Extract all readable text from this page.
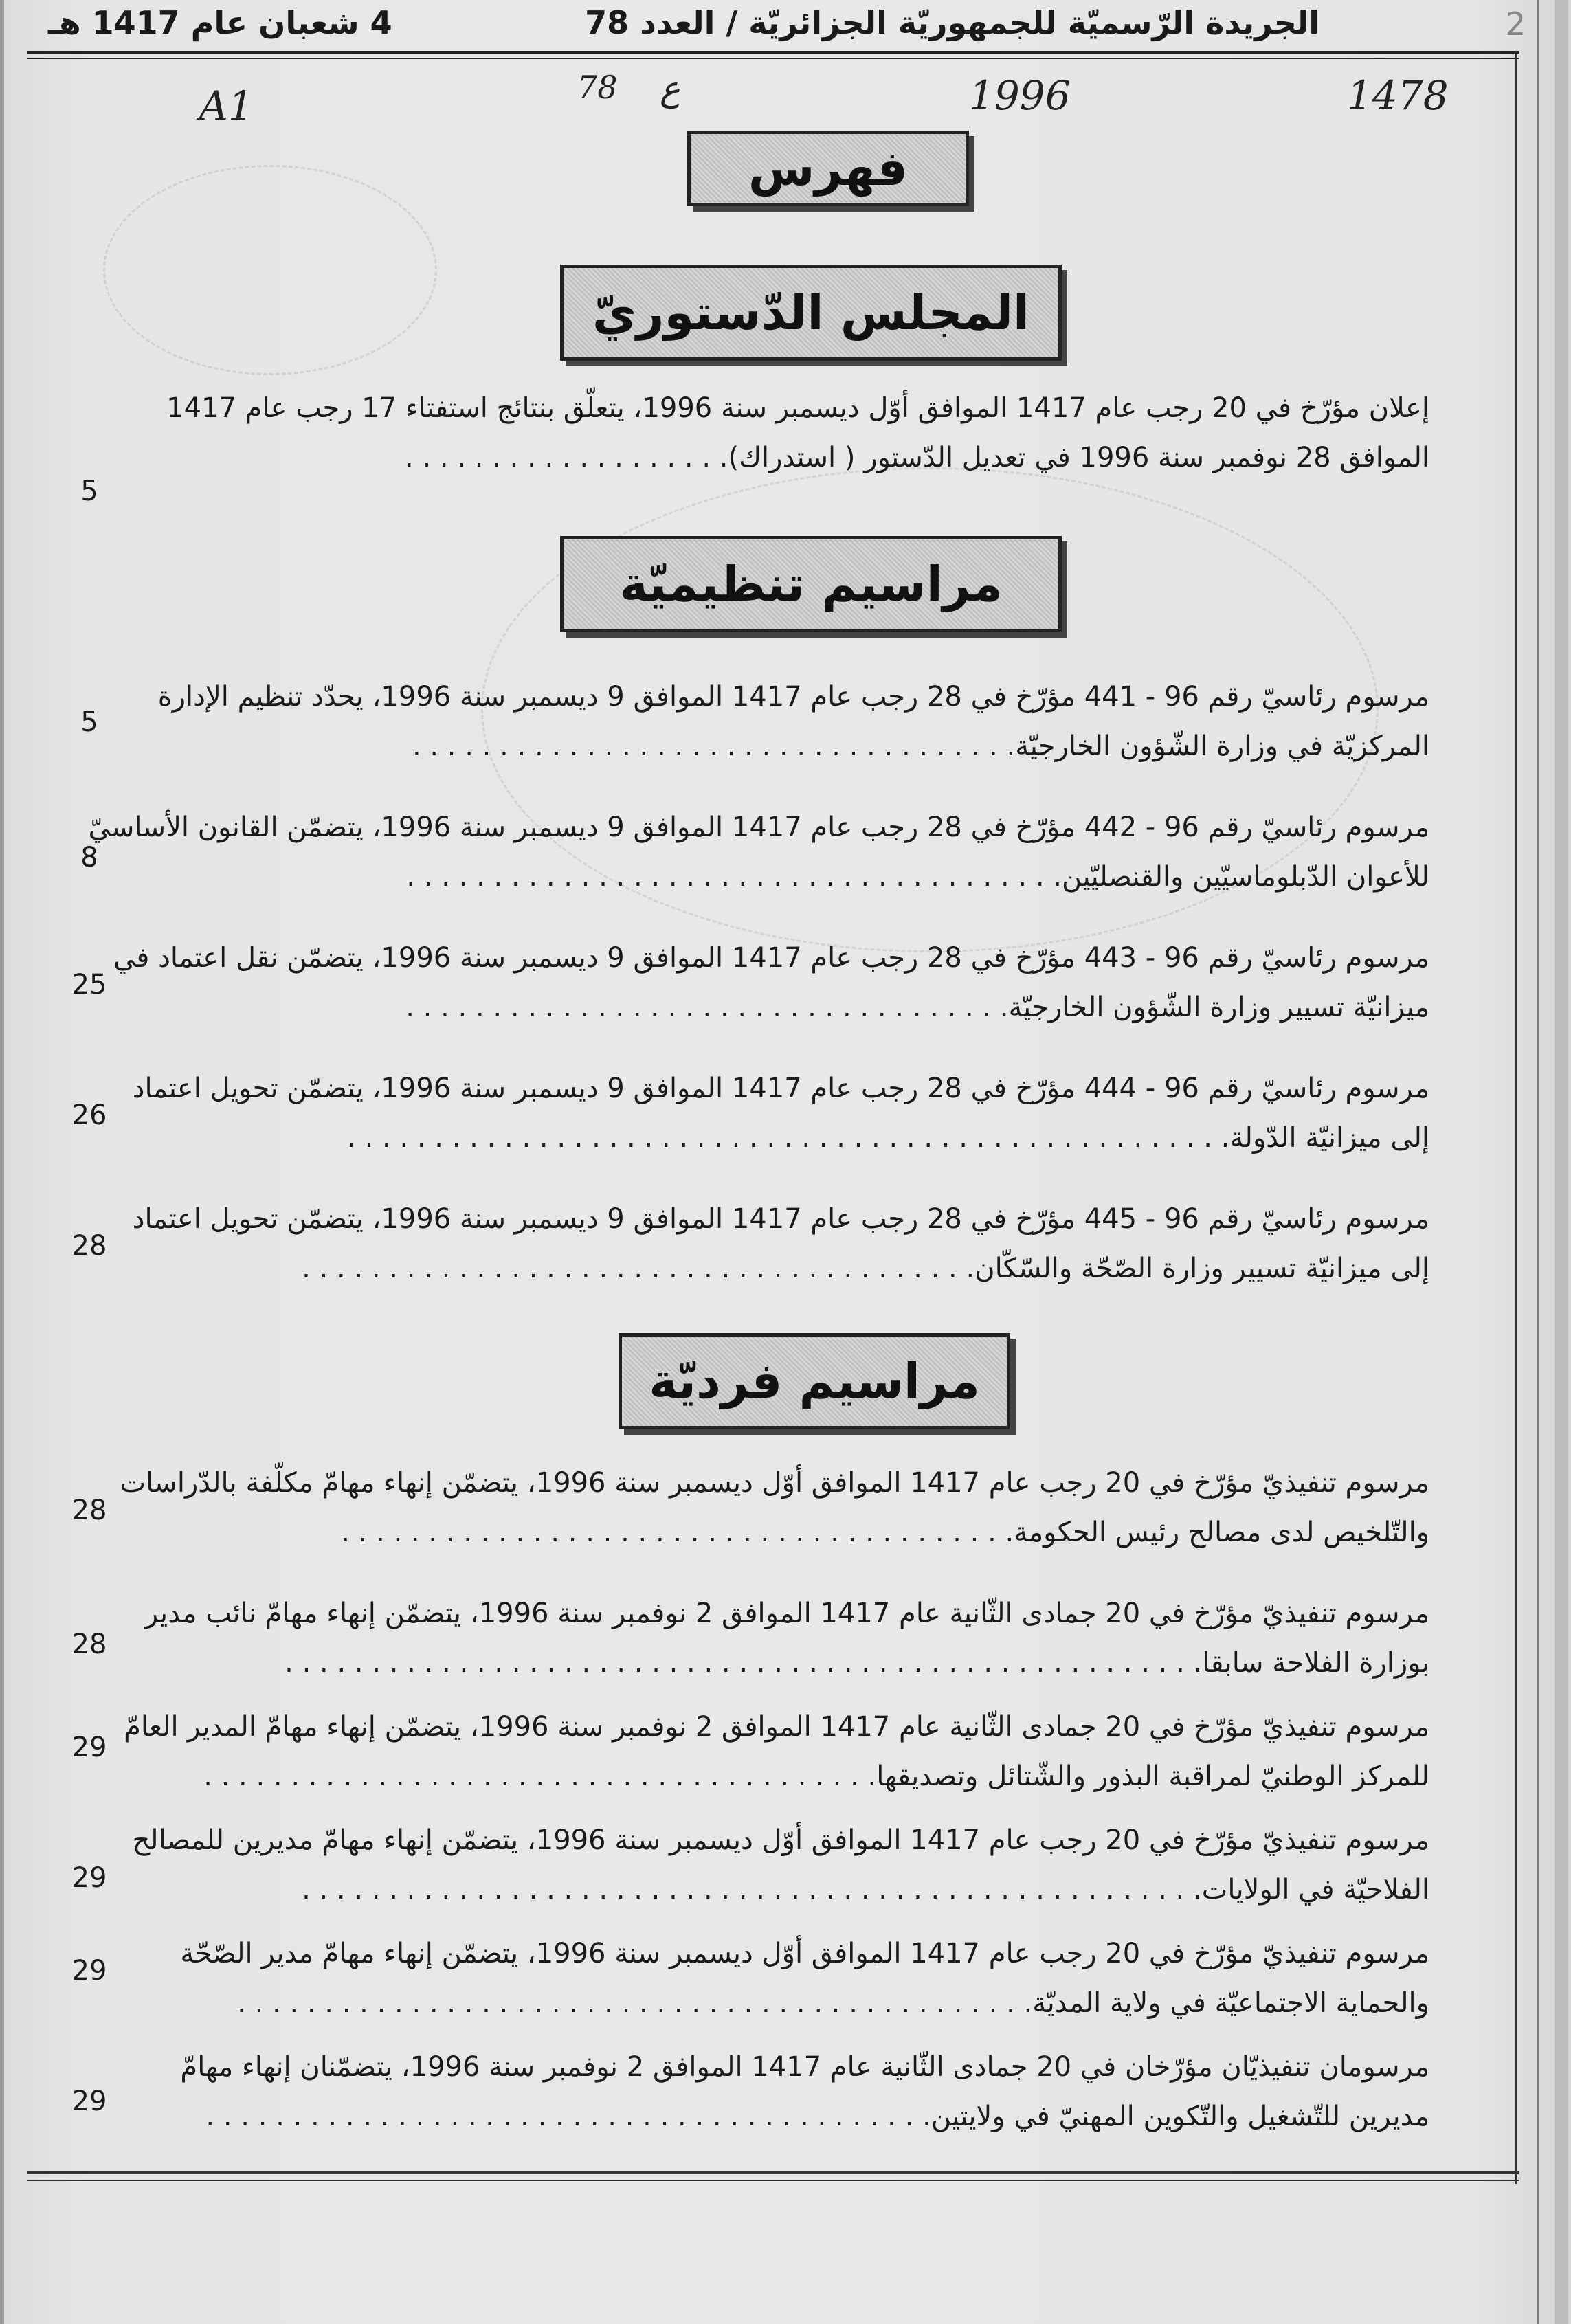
2
الجريدة الرّسميّة للجمهوريّة الجزائريّة / العدد 78
4 شعبان عام 1417 هـ
A1	78 ع	1996	1478
فهرس
المجلس الدّستوريّ
إعلان مؤرّخ في 20 رجب عام 1417 الموافق أوّل ديسمبر سنة 1996، يتعلّق بنتائج استفتاء 17 رجب عام 1417
الموافق 28 نوفمبر سنة 1996 في تعديل الدّستور ( استدراك). . . . . . . . . . . . . . . . . . .
5
مراسيم تنظيميّة
مرسوم رئاسيّ رقم 96 - 441 مؤرّخ في 28 رجب عام 1417 الموافق 9 ديسمبر سنة 1996، يحدّد تنظيم الإدارة
المركزيّة في وزارة الشّؤون الخارجيّة. . . . . . . . . . . . . . . . . . . . . . . . . . . . . . . . . . .
5
مرسوم رئاسيّ رقم 96 - 442 مؤرّخ في 28 رجب عام 1417 الموافق 9 ديسمبر سنة 1996، يتضمّن القانون الأساسيّ
للأعوان الدّبلوماسيّين والقنصليّين. . . . . . . . . . . . . . . . . . . . . . . . . . . . . . . . . . . . . .
8
مرسوم رئاسيّ رقم 96 - 443 مؤرّخ في 28 رجب عام 1417 الموافق 9 ديسمبر سنة 1996، يتضمّن نقل اعتماد في
ميزانيّة تسيير وزارة الشّؤون الخارجيّة. . . . . . . . . . . . . . . . . . . . . . . . . . . . . . . . . . .
25
مرسوم رئاسيّ رقم 96 - 444 مؤرّخ في 28 رجب عام 1417 الموافق 9 ديسمبر سنة 1996، يتضمّن تحويل اعتماد
إلى ميزانيّة الدّولة. . . . . . . . . . . . . . . . . . . . . . . . . . . . . . . . . . . . . . . . . . . . . . . . . . .
26
مرسوم رئاسيّ رقم 96 - 445 مؤرّخ في 28 رجب عام 1417 الموافق 9 ديسمبر سنة 1996، يتضمّن تحويل اعتماد
إلى ميزانيّة تسيير وزارة الصّحّة والسّكّان. . . . . . . . . . . . . . . . . . . . . . . . . . . . . . . . . . . . . . .
28
مراسيم فرديّة
مرسوم تنفيذيّ مؤرّخ في 20 رجب عام 1417 الموافق أوّل ديسمبر سنة 1996، يتضمّن إنهاء مهامّ مكلّفة بالدّراسات
والتّلخيص لدى مصالح رئيس الحكومة. . . . . . . . . . . . . . . . . . . . . . . . . . . . . . . . . . . . . . .
28
مرسوم تنفيذيّ مؤرّخ في 20 جمادى الثّانية عام 1417 الموافق 2 نوفمبر سنة 1996، يتضمّن إنهاء مهامّ نائب مدير
بوزارة الفلاحة سابقا. . . . . . . . . . . . . . . . . . . . . . . . . . . . . . . . . . . . . . . . . . . . . . . . . . . . .
28
مرسوم تنفيذيّ مؤرّخ في 20 جمادى الثّانية عام 1417 الموافق 2 نوفمبر سنة 1996، يتضمّن إنهاء مهامّ المدير العامّ
للمركز الوطنيّ لمراقبة البذور والشّتائل وتصديقها. . . . . . . . . . . . . . . . . . . . . . . . . . . . . . . . . . . . . . .
29
مرسوم تنفيذيّ مؤرّخ في 20 رجب عام 1417 الموافق أوّل ديسمبر سنة 1996، يتضمّن إنهاء مهامّ مديرين للمصالح
الفلاحيّة في الولايات. . . . . . . . . . . . . . . . . . . . . . . . . . . . . . . . . . . . . . . . . . . . . . . . . . . .
29
مرسوم تنفيذيّ مؤرّخ في 20 رجب عام 1417 الموافق أوّل ديسمبر سنة 1996، يتضمّن إنهاء مهامّ مدير الصّحّة
والحماية الاجتماعيّة في ولاية المديّة. . . . . . . . . . . . . . . . . . . . . . . . . . . . . . . . . . . . . . . . . . . . . .
29
مرسومان تنفيذيّان مؤرّخان في 20 جمادى الثّانية عام 1417 الموافق 2 نوفمبر سنة 1996، يتضمّنان إنهاء مهامّ
مديرين للتّشغيل والتّكوين المهنيّ في ولايتين. . . . . . . . . . . . . . . . . . . . . . . . . . . . . . . . . . . . . . . . . .
29
